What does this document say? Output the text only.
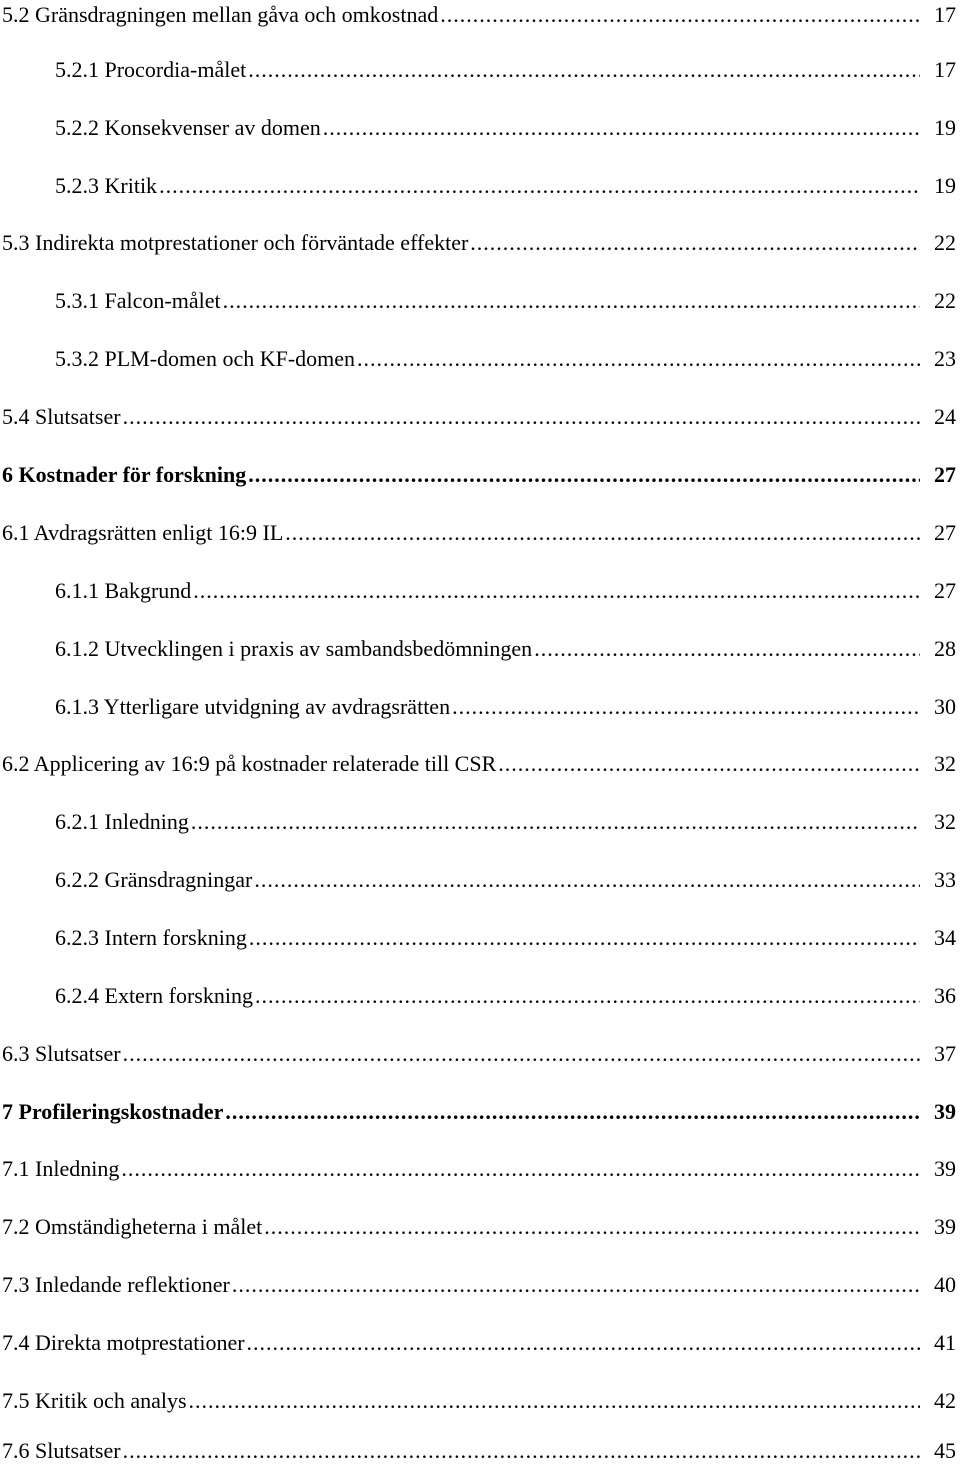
5.2 Gränsdragningen mellan gåva och omkostnad .....	17
5.2.1 Procordia-målet .....	17
5.2.2 Konsekvenser av domen .....	19
5.2.3 Kritik .....	19
5.3 Indirekta motprestationer och förväntade effekter .....	22
5.3.1 Falcon-målet .....	22
5.3.2 PLM-domen och KF-domen .....	23
5.4 Slutsatser .....	24
6 Kostnader för forskning .....	27
6.1 Avdragsrätten enligt 16:9 IL .....	27
6.1.1 Bakgrund .....	27
6.1.2 Utvecklingen i praxis av sambandsbedömningen .....	28
6.1.3 Ytterligare utvidgning av avdragsrätten .....	30
6.2 Applicering av 16:9 på kostnader relaterade till CSR .....	32
6.2.1 Inledning .....	32
6.2.2 Gränsdragningar .....	33
6.2.3 Intern forskning .....	34
6.2.4 Extern forskning .....	36
6.3 Slutsatser .....	37
7 Profileringskostnader .....	39
7.1 Inledning .....	39
7.2 Omständigheterna i målet .....	39
7.3 Inledande reflektioner .....	40
7.4 Direkta motprestationer .....	41
7.5 Kritik och analys .....	42
7.6 Slutsatser .....	45
